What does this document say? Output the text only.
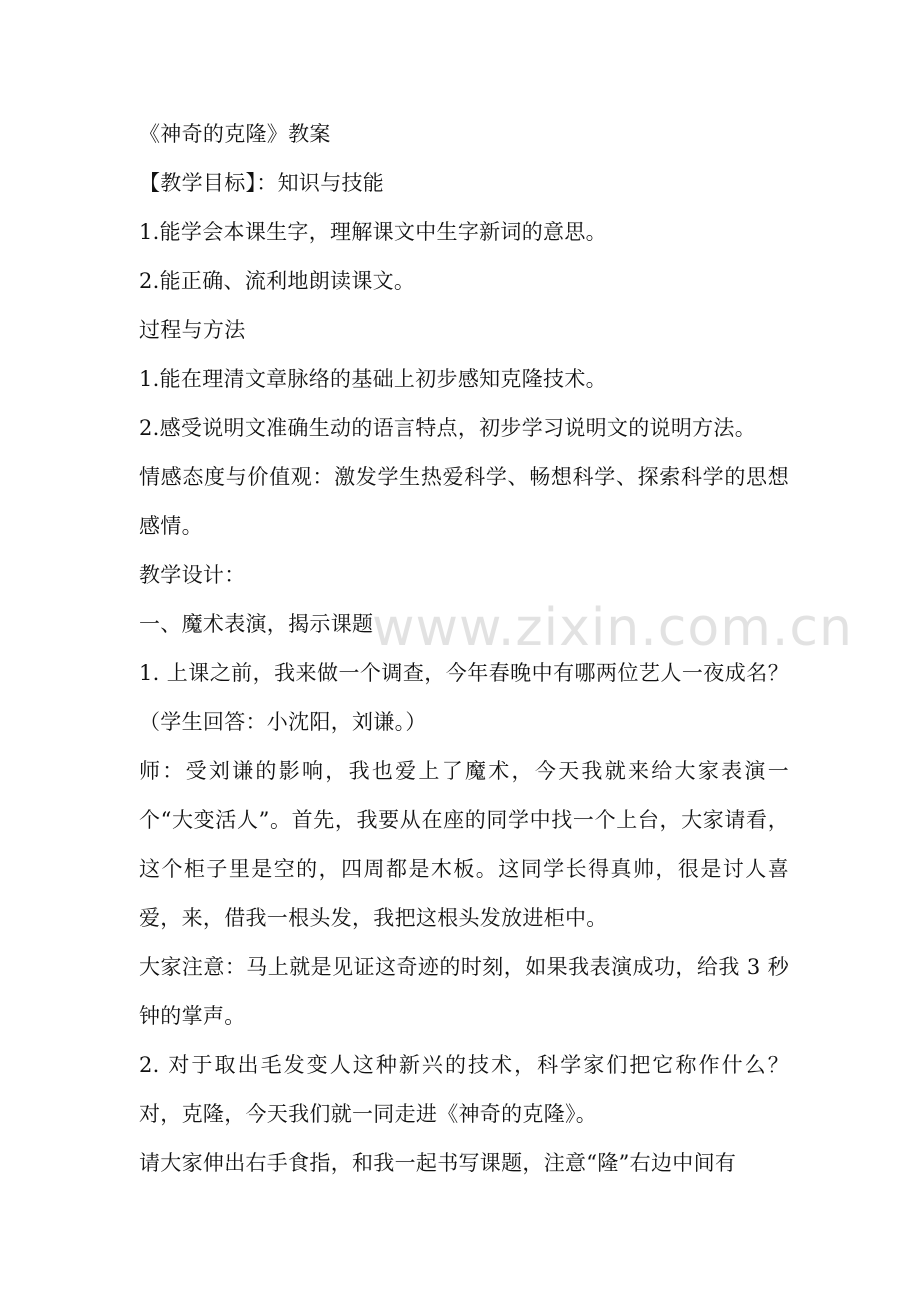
《神奇的克隆》教案

【教学目标】：知识与技能

1.能学会本课生字，理解课文中生字新词的意思。

2.能正确、流利地朗读课文。

过程与方法

1.能在理清文章脉络的基础上初步感知克隆技术。

2.感受说明文准确生动的语言特点，初步学习说明文的说明方法。

情感态度与价值观：激发学生热爱科学、畅想科学、探索科学的思想感情。

教学设计：

一、魔术表演，揭示课题

1. 上课之前，我来做一个调查，今年春晚中有哪两位艺人一夜成名？（学生回答：小沈阳，刘谦。）

师：受刘谦的影响，我也爱上了魔术，今天我就来给大家表演一个“大变活人”。首先，我要从在座的同学中找一个上台，大家请看，这个柜子里是空的，四周都是木板。这同学长得真帅，很是讨人喜爱，来，借我一根头发，我把这根头发放进柜中。

大家注意：马上就是见证这奇迹的时刻，如果我表演成功，给我 3 秒钟的掌声。

2. 对于取出毛发变人这种新兴的技术，科学家们把它称作什么？ 对，克隆，今天我们就一同走进《神奇的克隆》。

请大家伸出右手食指，和我一起书写课题，注意“隆”右边中间有

www.zixin.com.cn
